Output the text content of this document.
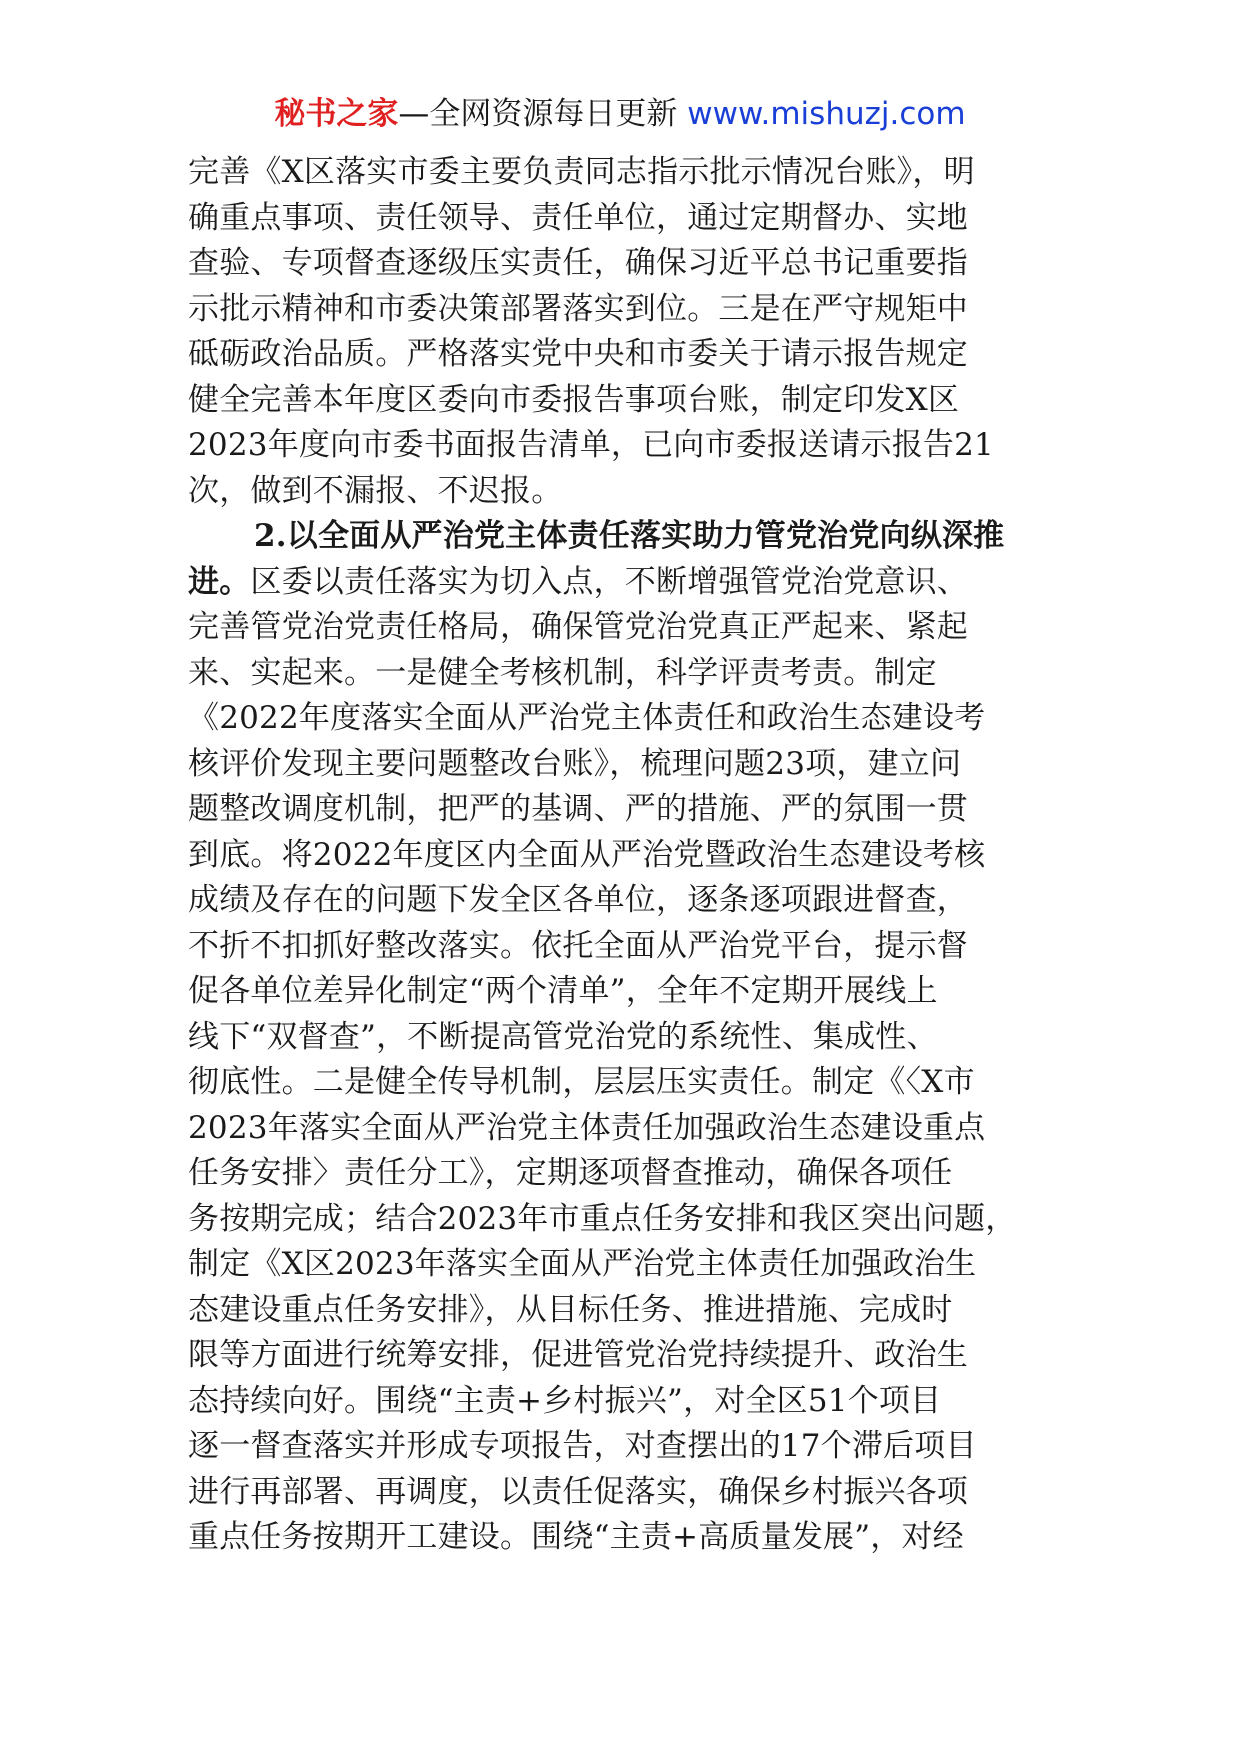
秘书之家—全网资源每日更新 www.mishuzj.com
完善《X区落实市委主要负责同志指示批示情况台账》，明
确重点事项、责任领导、责任单位，通过定期督办、实地
查验、专项督查逐级压实责任，确保习近平总书记重要指
示批示精神和市委决策部署落实到位。三是在严守规矩中
砥砺政治品质。严格落实党中央和市委关于请示报告规定
健全完善本年度区委向市委报告事项台账，制定印发X区
2023年度向市委书面报告清单，已向市委报送请示报告21
次，做到不漏报、不迟报。
2.以全面从严治党主体责任落实助力管党治党向纵深推
进。区委以责任落实为切入点，不断增强管党治党意识、
完善管党治党责任格局，确保管党治党真正严起来、紧起
来、实起来。一是健全考核机制，科学评责考责。制定
《2022年度落实全面从严治党主体责任和政治生态建设考
核评价发现主要问题整改台账》，梳理问题23项，建立问
题整改调度机制，把严的基调、严的措施、严的氛围一贯
到底。将2022年度区内全面从严治党暨政治生态建设考核
成绩及存在的问题下发全区各单位，逐条逐项跟进督查，
不折不扣抓好整改落实。依托全面从严治党平台，提示督
促各单位差异化制定“两个清单”，全年不定期开展线上
线下“双督查”，不断提高管党治党的系统性、集成性、
彻底性。二是健全传导机制，层层压实责任。制定《〈X市
2023年落实全面从严治党主体责任加强政治生态建设重点
任务安排〉责任分工》，定期逐项督查推动，确保各项任
务按期完成；结合2023年市重点任务安排和我区突出问题，
制定《X区2023年落实全面从严治党主体责任加强政治生
态建设重点任务安排》，从目标任务、推进措施、完成时
限等方面进行统筹安排，促进管党治党持续提升、政治生
态持续向好。围绕“主责+乡村振兴”，对全区51个项目
逐一督查落实并形成专项报告，对查摆出的17个滞后项目
进行再部署、再调度，以责任促落实，确保乡村振兴各项
重点任务按期开工建设。围绕“主责+高质量发展”，对经
